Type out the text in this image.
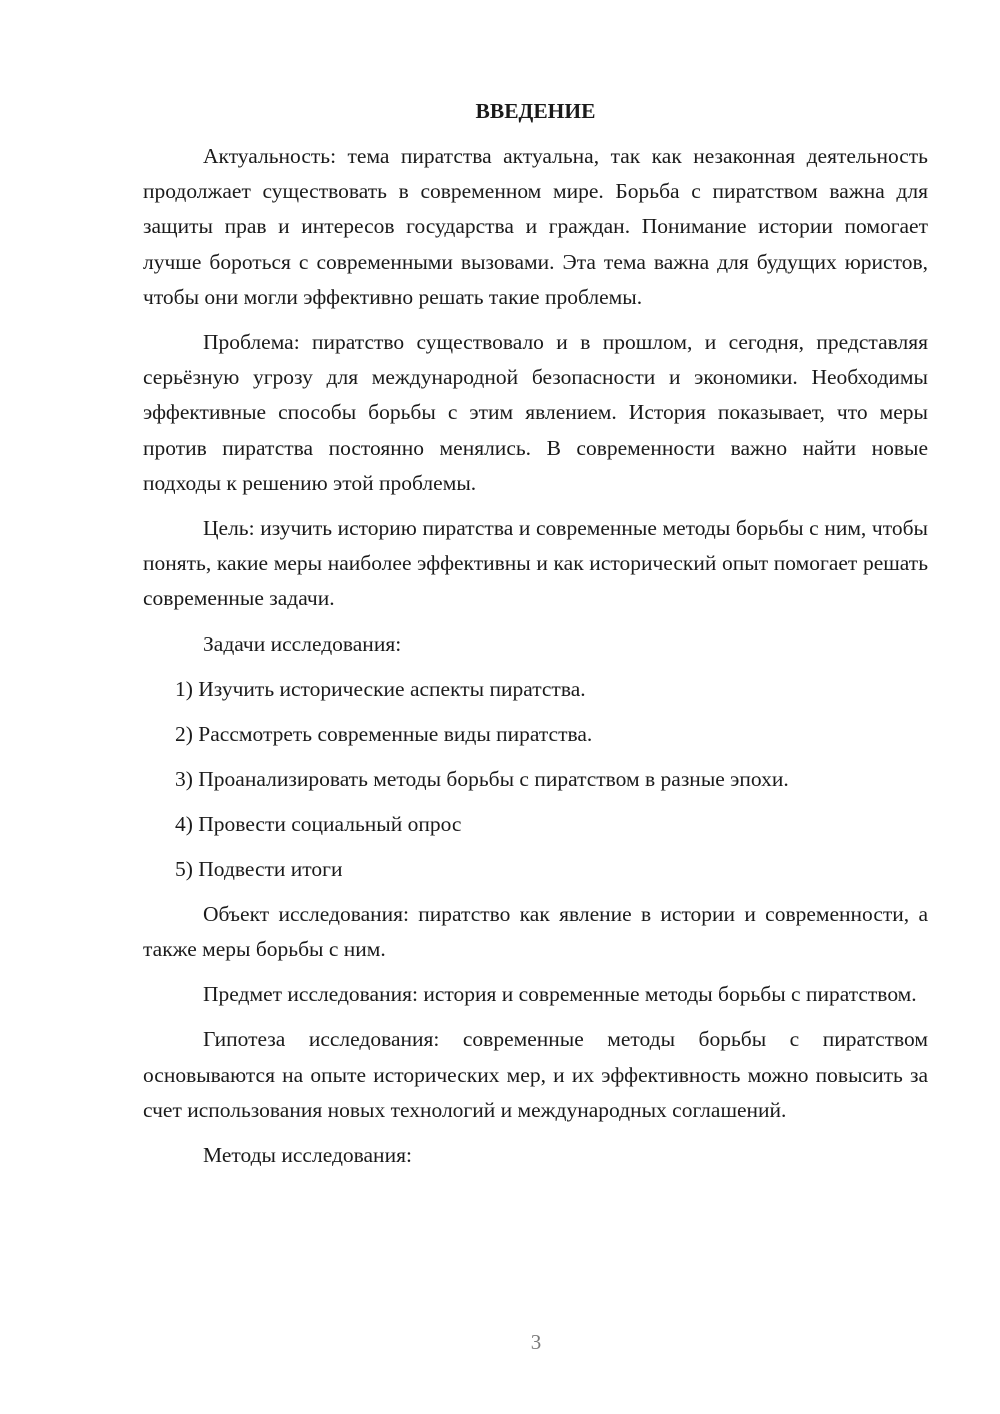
ВВЕДЕНИЕ

Актуальность: тема пиратства актуальна, так как незаконная деятельность продолжает существовать в современном мире. Борьба с пиратством важна для защиты прав и интересов государства и граждан. Понимание истории помогает лучше бороться с современными вызовами. Эта тема важна для будущих юристов, чтобы они могли эффективно решать такие проблемы.

Проблема: пиратство существовало и в прошлом, и сегодня, представляя серьёзную угрозу для международной безопасности и экономики. Необходимы эффективные способы борьбы с этим явлением. История показывает, что меры против пиратства постоянно менялись. В современности важно найти новые подходы к решению этой проблемы.

Цель: изучить историю пиратства и современные методы борьбы с ним, чтобы понять, какие меры наиболее эффективны и как исторический опыт помогает решать современные задачи.

Задачи исследования:

1) Изучить исторические аспекты пиратства.
2) Рассмотреть современные виды пиратства.
3) Проанализировать методы борьбы с пиратством в разные эпохи.
4) Провести социальный опрос
5) Подвести итоги

Объект исследования: пиратство как явление в истории и современности, а также меры борьбы с ним.

Предмет исследования: история и современные методы борьбы с пиратством.

Гипотеза исследования: современные методы борьбы с пиратством основываются на опыте исторических мер, и их эффективность можно повысить за счет использования новых технологий и международных соглашений.

Методы исследования:

3
